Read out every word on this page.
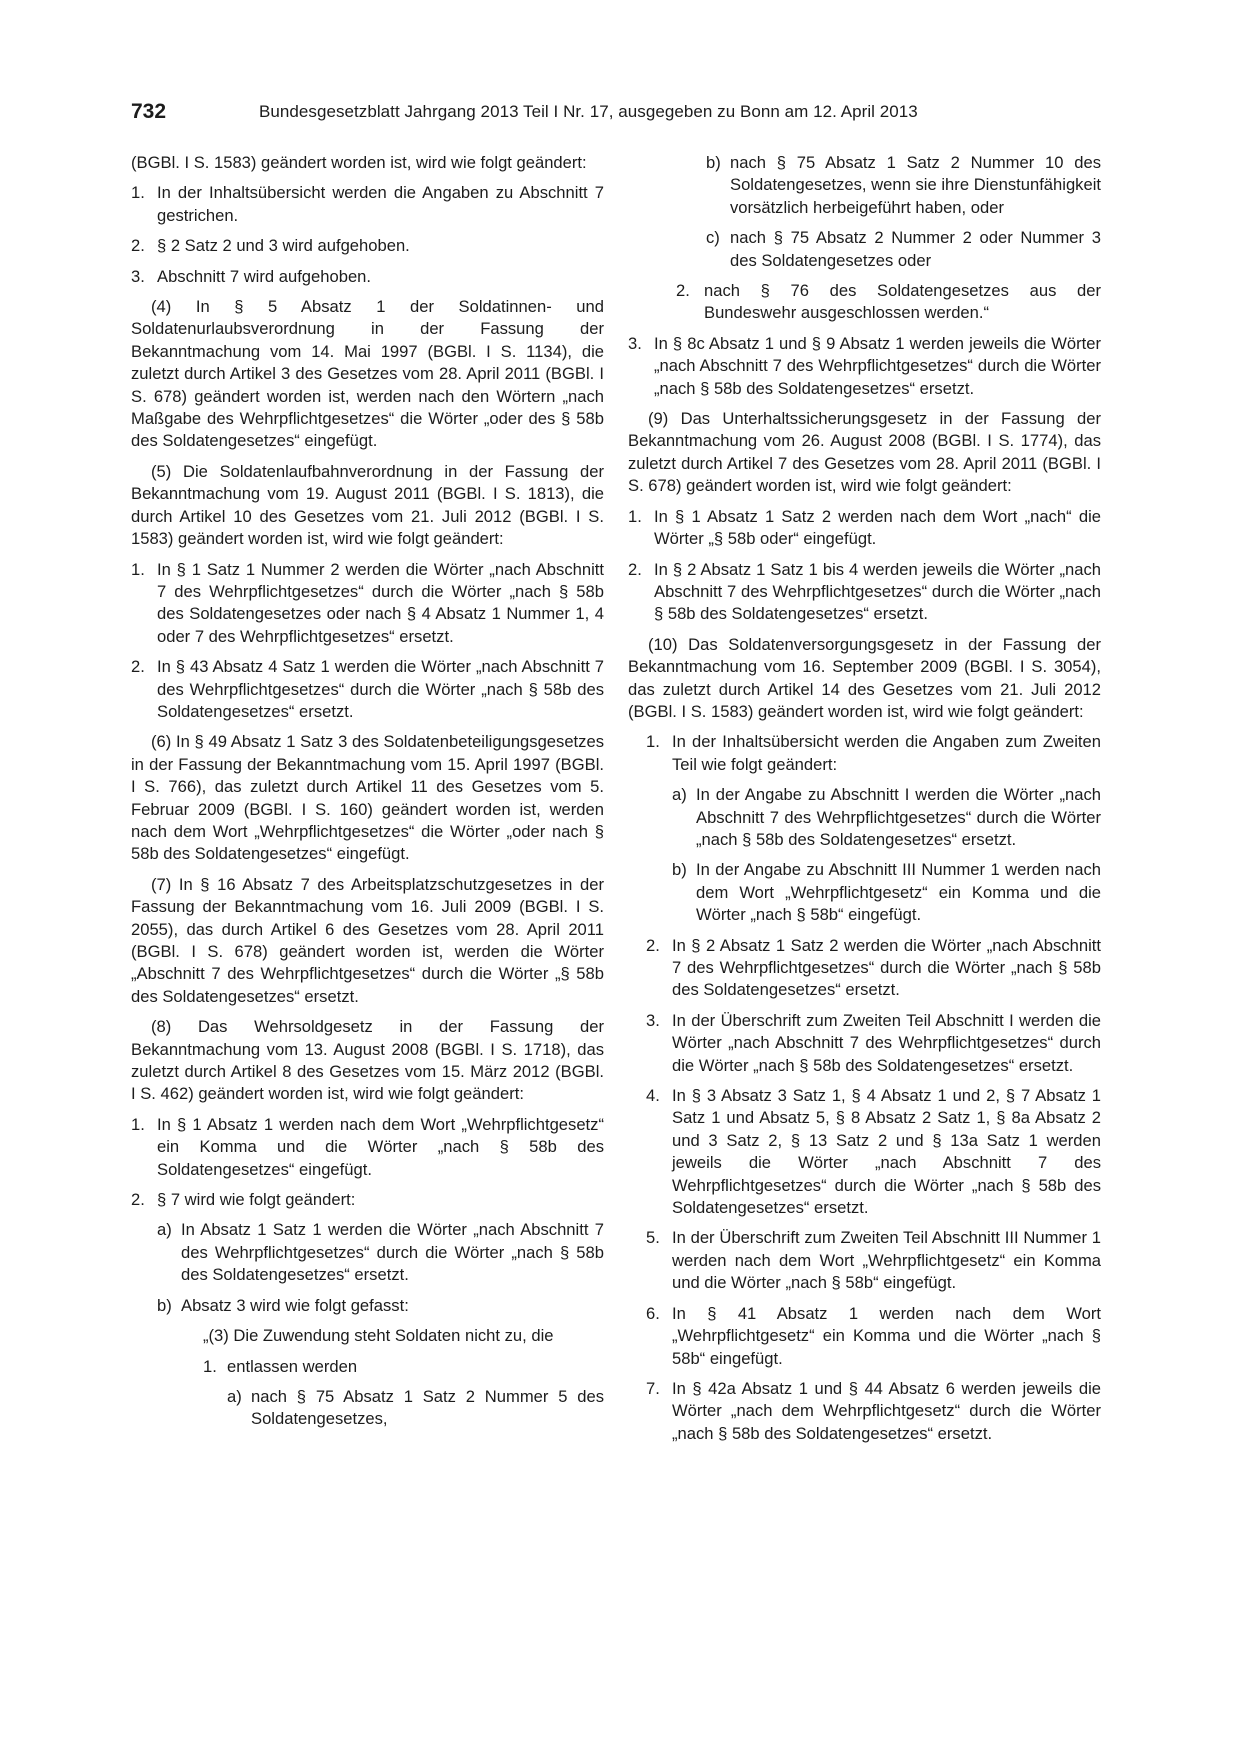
732	Bundesgesetzblatt Jahrgang 2013 Teil I Nr. 17, ausgegeben zu Bonn am 12. April 2013

(BGBl. I S. 1583) geändert worden ist, wird wie folgt geändert:

1. In der Inhaltsübersicht werden die Angaben zu Abschnitt 7 gestrichen.
2. § 2 Satz 2 und 3 wird aufgehoben.
3. Abschnitt 7 wird aufgehoben.

(4) In § 5 Absatz 1 der Soldatinnen- und Soldatenurlaubsverordnung in der Fassung der Bekanntmachung vom 14. Mai 1997 (BGBl. I S. 1134), die zuletzt durch Artikel 3 des Gesetzes vom 28. April 2011 (BGBl. I S. 678) geändert worden ist, werden nach den Wörtern „nach Maßgabe des Wehrpflichtgesetzes“ die Wörter „oder des § 58b des Soldatengesetzes“ eingefügt.

(5) Die Soldatenlaufbahnverordnung in der Fassung der Bekanntmachung vom 19. August 2011 (BGBl. I S. 1813), die durch Artikel 10 des Gesetzes vom 21. Juli 2012 (BGBl. I S. 1583) geändert worden ist, wird wie folgt geändert:

1. In § 1 Satz 1 Nummer 2 werden die Wörter „nach Abschnitt 7 des Wehrpflichtgesetzes“ durch die Wörter „nach § 58b des Soldatengesetzes oder nach § 4 Absatz 1 Nummer 1, 4 oder 7 des Wehrpflichtgesetzes“ ersetzt.
2. In § 43 Absatz 4 Satz 1 werden die Wörter „nach Abschnitt 7 des Wehrpflichtgesetzes“ durch die Wörter „nach § 58b des Soldatengesetzes“ ersetzt.

(6) In § 49 Absatz 1 Satz 3 des Soldatenbeteiligungsgesetzes in der Fassung der Bekanntmachung vom 15. April 1997 (BGBl. I S. 766), das zuletzt durch Artikel 11 des Gesetzes vom 5. Februar 2009 (BGBl. I S. 160) geändert worden ist, werden nach dem Wort „Wehrpflichtgesetzes“ die Wörter „oder nach § 58b des Soldatengesetzes“ eingefügt.

(7) In § 16 Absatz 7 des Arbeitsplatzschutzgesetzes in der Fassung der Bekanntmachung vom 16. Juli 2009 (BGBl. I S. 2055), das durch Artikel 6 des Gesetzes vom 28. April 2011 (BGBl. I S. 678) geändert worden ist, werden die Wörter „Abschnitt 7 des Wehrpflichtgesetzes“ durch die Wörter „§ 58b des Soldatengesetzes“ ersetzt.

(8) Das Wehrsoldgesetz in der Fassung der Bekanntmachung vom 13. August 2008 (BGBl. I S. 1718), das zuletzt durch Artikel 8 des Gesetzes vom 15. März 2012 (BGBl. I S. 462) geändert worden ist, wird wie folgt geändert:

1. In § 1 Absatz 1 werden nach dem Wort „Wehrpflichtgesetz“ ein Komma und die Wörter „nach § 58b des Soldatengesetzes“ eingefügt.
2. § 7 wird wie folgt geändert:
a) In Absatz 1 Satz 1 werden die Wörter „nach Abschnitt 7 des Wehrpflichtgesetzes“ durch die Wörter „nach § 58b des Soldatengesetzes“ ersetzt.
b) Absatz 3 wird wie folgt gefasst:

„(3) Die Zuwendung steht Soldaten nicht zu, die

1. entlassen werden
a) nach § 75 Absatz 1 Satz 2 Nummer 5 des Soldatengesetzes,
b) nach § 75 Absatz 1 Satz 2 Nummer 10 des Soldatengesetzes, wenn sie ihre Dienstunfähigkeit vorsätzlich herbeigeführt haben, oder
c) nach § 75 Absatz 2 Nummer 2 oder Nummer 3 des Soldatengesetzes oder
2. nach § 76 des Soldatengesetzes aus der Bundeswehr ausgeschlossen werden.“
3. In § 8c Absatz 1 und § 9 Absatz 1 werden jeweils die Wörter „nach Abschnitt 7 des Wehrpflichtgesetzes“ durch die Wörter „nach § 58b des Soldatengesetzes“ ersetzt.

(9) Das Unterhaltssicherungsgesetz in der Fassung der Bekanntmachung vom 26. August 2008 (BGBl. I S. 1774), das zuletzt durch Artikel 7 des Gesetzes vom 28. April 2011 (BGBl. I S. 678) geändert worden ist, wird wie folgt geändert:

1. In § 1 Absatz 1 Satz 2 werden nach dem Wort „nach“ die Wörter „§ 58b oder“ eingefügt.
2. In § 2 Absatz 1 Satz 1 bis 4 werden jeweils die Wörter „nach Abschnitt 7 des Wehrpflichtgesetzes“ durch die Wörter „nach § 58b des Soldatengesetzes“ ersetzt.

(10) Das Soldatenversorgungsgesetz in der Fassung der Bekanntmachung vom 16. September 2009 (BGBl. I S. 3054), das zuletzt durch Artikel 14 des Gesetzes vom 21. Juli 2012 (BGBl. I S. 1583) geändert worden ist, wird wie folgt geändert:

1. In der Inhaltsübersicht werden die Angaben zum Zweiten Teil wie folgt geändert:
a) In der Angabe zu Abschnitt I werden die Wörter „nach Abschnitt 7 des Wehrpflichtgesetzes“ durch die Wörter „nach § 58b des Soldatengesetzes“ ersetzt.
b) In der Angabe zu Abschnitt III Nummer 1 werden nach dem Wort „Wehrpflichtgesetz“ ein Komma und die Wörter „nach § 58b“ eingefügt.
2. In § 2 Absatz 1 Satz 2 werden die Wörter „nach Abschnitt 7 des Wehrpflichtgesetzes“ durch die Wörter „nach § 58b des Soldatengesetzes“ ersetzt.
3. In der Überschrift zum Zweiten Teil Abschnitt I werden die Wörter „nach Abschnitt 7 des Wehrpflichtgesetzes“ durch die Wörter „nach § 58b des Soldatengesetzes“ ersetzt.
4. In § 3 Absatz 3 Satz 1, § 4 Absatz 1 und 2, § 7 Absatz 1 Satz 1 und Absatz 5, § 8 Absatz 2 Satz 1, § 8a Absatz 2 und 3 Satz 2, § 13 Satz 2 und § 13a Satz 1 werden jeweils die Wörter „nach Abschnitt 7 des Wehrpflichtgesetzes“ durch die Wörter „nach § 58b des Soldatengesetzes“ ersetzt.
5. In der Überschrift zum Zweiten Teil Abschnitt III Nummer 1 werden nach dem Wort „Wehrpflichtgesetz“ ein Komma und die Wörter „nach § 58b“ eingefügt.
6. In § 41 Absatz 1 werden nach dem Wort „Wehrpflichtgesetz“ ein Komma und die Wörter „nach § 58b“ eingefügt.
7. In § 42a Absatz 1 und § 44 Absatz 6 werden jeweils die Wörter „nach dem Wehrpflichtgesetz“ durch die Wörter „nach § 58b des Soldatengesetzes“ ersetzt.
